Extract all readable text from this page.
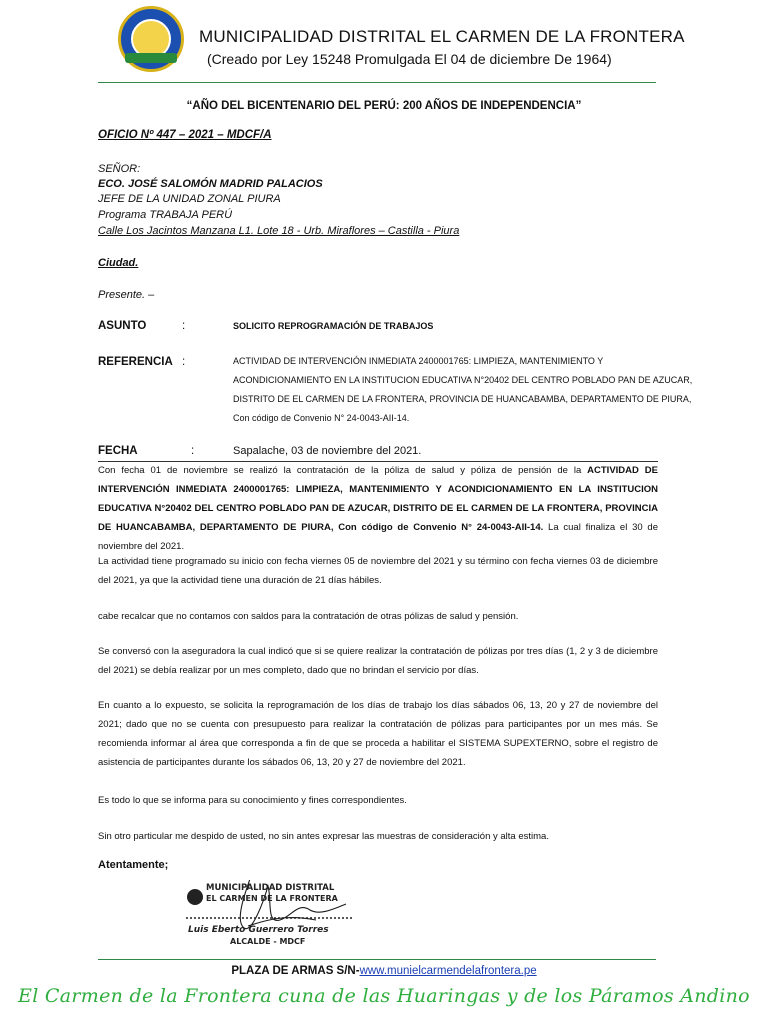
MUNICIPALIDAD DISTRITAL EL CARMEN DE LA FRONTERA
(Creado por Ley 15248 Promulgada El 04 de diciembre De 1964)
“AÑO DEL BICENTENARIO DEL PERÚ: 200 AÑOS DE INDEPENDENCIA”
OFICIO Nº 447 – 2021 – MDCF/A
SEÑOR:
ECO. JOSÉ SALOMÓN MADRID PALACIOS
JEFE DE LA UNIDAD ZONAL PIURA
Programa TRABAJA PERÚ
Calle Los Jacintos Manzana L1. Lote 18 - Urb. Miraflores – Castilla - Piura
Ciudad.
Presente. –
ASUNTO	:	SOLICITO REPROGRAMACIÓN DE TRABAJOS
REFERENCIA :	ACTIVIDAD DE INTERVENCIÓN INMEDIATA 2400001765: LIMPIEZA, MANTENIMIENTO Y
ACONDICIONAMIENTO EN LA INSTITUCION EDUCATIVA N°20402 DEL CENTRO POBLADO PAN DE AZUCAR,
DISTRITO DE EL CARMEN DE LA FRONTERA, PROVINCIA DE HUANCABAMBA, DEPARTAMENTO DE PIURA,
Con código de Convenio N° 24-0043-AII-14.
FECHA	:	Sapalache, 03 de noviembre del 2021.
Con fecha 01 de noviembre se realizó la contratación de la póliza de salud y póliza de pensión de la ACTIVIDAD DE INTERVENCIÓN INMEDIATA 2400001765: LIMPIEZA, MANTENIMIENTO Y ACONDICIONAMIENTO EN LA INSTITUCION EDUCATIVA N°20402 DEL CENTRO POBLADO PAN DE AZUCAR, DISTRITO DE EL CARMEN DE LA FRONTERA, PROVINCIA DE HUANCABAMBA, DEPARTAMENTO DE PIURA, Con código de Convenio N° 24-0043-AII-14. La cual finaliza el 30 de noviembre del 2021.
La actividad tiene programado su inicio con fecha viernes 05 de noviembre del 2021 y su término con fecha viernes 03 de diciembre del 2021, ya que la actividad tiene una duración de 21 días hábiles.
cabe recalcar que no contamos con saldos para la contratación de otras pólizas de salud y pensión.
Se conversó con la aseguradora la cual indicó que si se quiere realizar la contratación de pólizas por tres días (1, 2 y 3 de diciembre del 2021) se debía realizar por un mes completo, dado que no brindan el servicio por días.
En cuanto a lo expuesto, se solicita la reprogramación de los días de trabajo los días sábados 06, 13, 20 y 27 de noviembre del 2021; dado que no se cuenta con presupuesto para realizar la contratación de pólizas para participantes por un mes más. Se recomienda informar al área que corresponda a fin de que se proceda a habilitar el SISTEMA SUPEXTERNO, sobre el registro de asistencia de participantes durante los sábados 06, 13, 20 y 27 de noviembre del 2021.
Es todo lo que se informa para su conocimiento y fines correspondientes.
Sin otro particular me despido de usted, no sin antes expresar las muestras de consideración y alta estima.
Atentamente;
MUNICIPALIDAD DISTRITAL
EL CARMEN DE LA FRONTERA
Luis Eberto Guerrero Torres
ALCALDE - MDCF
PLAZA DE ARMAS S/N-www.munielcarmendelafrontera.pe
El Carmen de la Frontera cuna de las Huaringas y de los Páramos Andino
